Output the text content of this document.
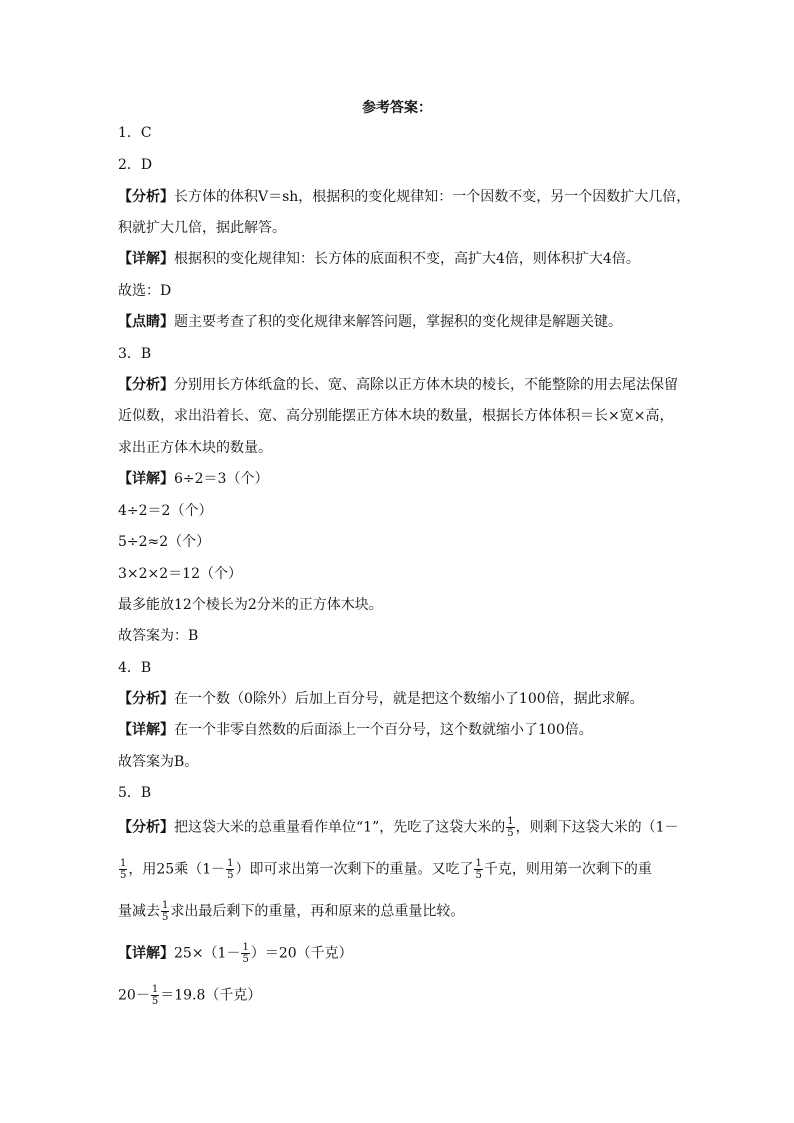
参考答案：
1．C
2．D
【分析】长方体的体积V＝sh，根据积的变化规律知：一个因数不变，另一个因数扩大几倍，
积就扩大几倍，据此解答。
【详解】根据积的变化规律知：长方体的底面积不变，高扩大4倍，则体积扩大4倍。
故选：D
【点睛】题主要考查了积的变化规律来解答问题，掌握积的变化规律是解题关键。
3．B
【分析】分别用长方体纸盒的长、宽、高除以正方体木块的棱长，不能整除的用去尾法保留
近似数，求出沿着长、宽、高分别能摆正方体木块的数量，根据长方体体积＝长×宽×高，
求出正方体木块的数量。
【详解】6÷2＝3（个）
4÷2＝2（个）
5÷2≈2（个）
3×2×2＝12（个）
最多能放12个棱长为2分米的正方体木块。
故答案为：B
4．B
【分析】在一个数（0除外）后加上百分号，就是把这个数缩小了100倍，据此求解。
【详解】在一个非零自然数的后面添上一个百分号，这个数就缩小了100倍。
故答案为B。
5．B
【分析】把这袋大米的总重量看作单位“1”，先吃了这袋大米的 $\frac{1}{5}$ ，则剩下这袋大米的（1－
$\frac{1}{5}$ ，用25乘（$1- \frac{1}{5}$ ）即可求出第一次剩下的重量。又吃了 $\frac{1}{5}$ 千克，则用第一次剩下的重
量减去 $\frac{1}{5}$ 求出最后剩下的重量，再和原来的总重量比较。
【详解】$25\times(1- \frac{1}{5} )=20$（千克）
$20- \frac{1}{5} =19.8$（千克）
